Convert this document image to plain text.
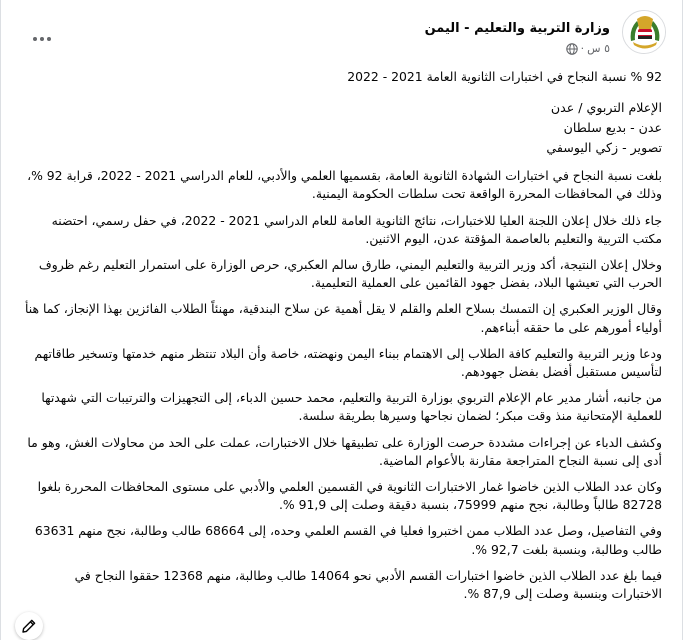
وزارة التربية والتعليم - اليمن
٥ س
·
92 % نسبة النجاح في اختبارات الثانوية العامة 2021 - 2022
الإعلام التربوي / عدن
عدن - بديع سلطان
تصوير - زكي اليوسفي

بلغت نسبة النجاح في اختبارات الشهادة الثانوية العامة، بقسميها العلمي والأدبي، للعام الدراسي 2021 - 2022، قرابة 92 %، وذلك في المحافظات المحررة الواقعة تحت سلطات الحكومة اليمنية.

جاء ذلك خلال إعلان اللجنة العليا للاختبارات، نتائج الثانوية العامة للعام الدراسي 2021 - 2022، في حفل رسمي، احتضنه مكتب التربية والتعليم بالعاصمة المؤقتة عدن، اليوم الاثنين.

وخلال إعلان النتيجة، أكد وزير التربية والتعليم اليمني، طارق سالم العكبري، حرص الوزارة على استمرار التعليم رغم ظروف الحرب التي تعيشها البلاد، بفضل جهود القائمين على العملية التعليمية.

وقال الوزير العكبري إن التمسك بسلاح العلم والقلم لا يقل أهمية عن سلاح البندقية، مهنئاً الطلاب الفائزين بهذا الإنجاز، كما هنأ أولياء أمورهم على ما حققه أبناءهم.

ودعا وزير التربية والتعليم كافة الطلاب إلى الاهتمام ببناء اليمن ونهضته، خاصة وأن البلاد تنتظر منهم خدمتها وتسخير طاقاتهم لتأسيس مستقبل أفضل بفضل جهودهم.

من جانبه، أشار مدير عام الإعلام التربوي بوزارة التربية والتعليم، محمد حسين الدباء، إلى التجهيزات والترتيبات التي شهدتها للعملية الإمتحانية منذ وقت مبكر؛ لضمان نجاحها وسيرها بطريقة سلسة.

وكشف الدباء عن إجراءات مشددة حرصت الوزارة على تطبيقها خلال الاختبارات، عملت على الحد من محاولات الغش، وهو ما أدى إلى نسبة النجاح المتراجعة مقارنة بالأعوام الماضية.

وكان عدد الطلاب الذين خاضوا غمار الاختبارات الثانوية في القسمين العلمي والأدبي على مستوى المحافظات المحررة بلغوا 82728 طالباً وطالبة، نجح منهم 75999، بنسبة دقيقة وصلت إلى 91,9 %.

وفي التفاصيل، وصل عدد الطلاب ممن اختبروا فعليا في القسم العلمي وحده، إلى 68664 طالب وطالبة، نجح منهم 63631 طالب وطالبة، وبنسبة بلغت 92,7 %.

فيما بلغ عدد الطلاب الذين خاضوا اختبارات القسم الأدبي نحو 14064 طالب وطالبة، منهم 12368 حققوا النجاح في الاختبارات وبنسبة وصلت إلى 87,9 %.
